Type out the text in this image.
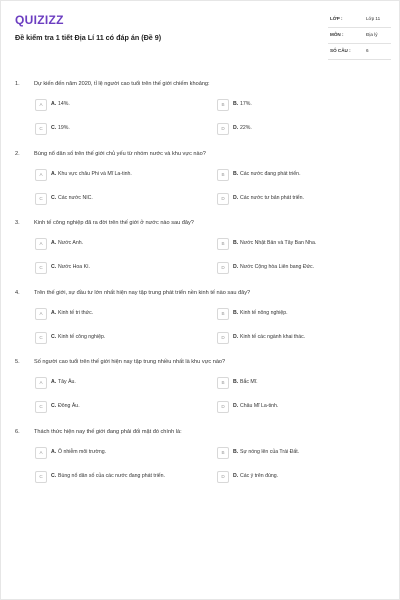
QUIZIZZ
Đề kiểm tra 1 tiết Địa Lí 11 có đáp án (Đề 9)
LỚP :	Lớp 11
MÔN :	Địa lý
SỐ CÂU :	6
1.	Dự kiến đến năm 2020, tỉ lệ người cao tuổi trên thế giới chiếm khoảng:
A	A. 14%.	B	B. 17%.
C	C. 19%.	D	D. 22%.
2.	Bùng nổ dân số trên thế giới chủ yếu từ nhóm nước và khu vực nào?
A	A. Khu vực châu Phi và Mĩ La-tinh.	B	B. Các nước đang phát triển.
C	C. Các nước NIC.	D	D. Các nước tư bản phát triển.
3.	Kinh tế công nghiệp đã ra đời trên thế giới ở nước nào sau đây?
A	A. Nước Anh.	B	B. Nước Nhật Bản và Tây Ban Nha.
C	C. Nước Hoa Kì.	D	D. Nước Cộng hòa Liên bang Đức.
4.	Trên thế giới, sự đầu tư lớn nhất hiện nay tập trung phát triển nền kinh tế nào sau đây?
A	A. Kinh tế tri thức.	B	B. Kinh tế nông nghiệp.
C	C. Kinh tế công nghiệp.	D	D. Kinh tế các ngành khai thác.
5.	Số người cao tuổi trên thế giới hiện nay tập trung nhiều nhất là khu vực nào?
A	A. Tây Âu.	B	B. Bắc Mĩ.
C	C. Đông Âu.	D	D. Châu Mĩ La-tinh.
6.	Thách thức hiện nay thế giới đang phải đối mặt đó chính là:
A	A. Ô nhiễm môi trường.	B	B. Sự nóng lên của Trái Đất.
C	C. Bùng nổ dân số của các nước đang phát triển.	D	D. Các ý trên đúng.
